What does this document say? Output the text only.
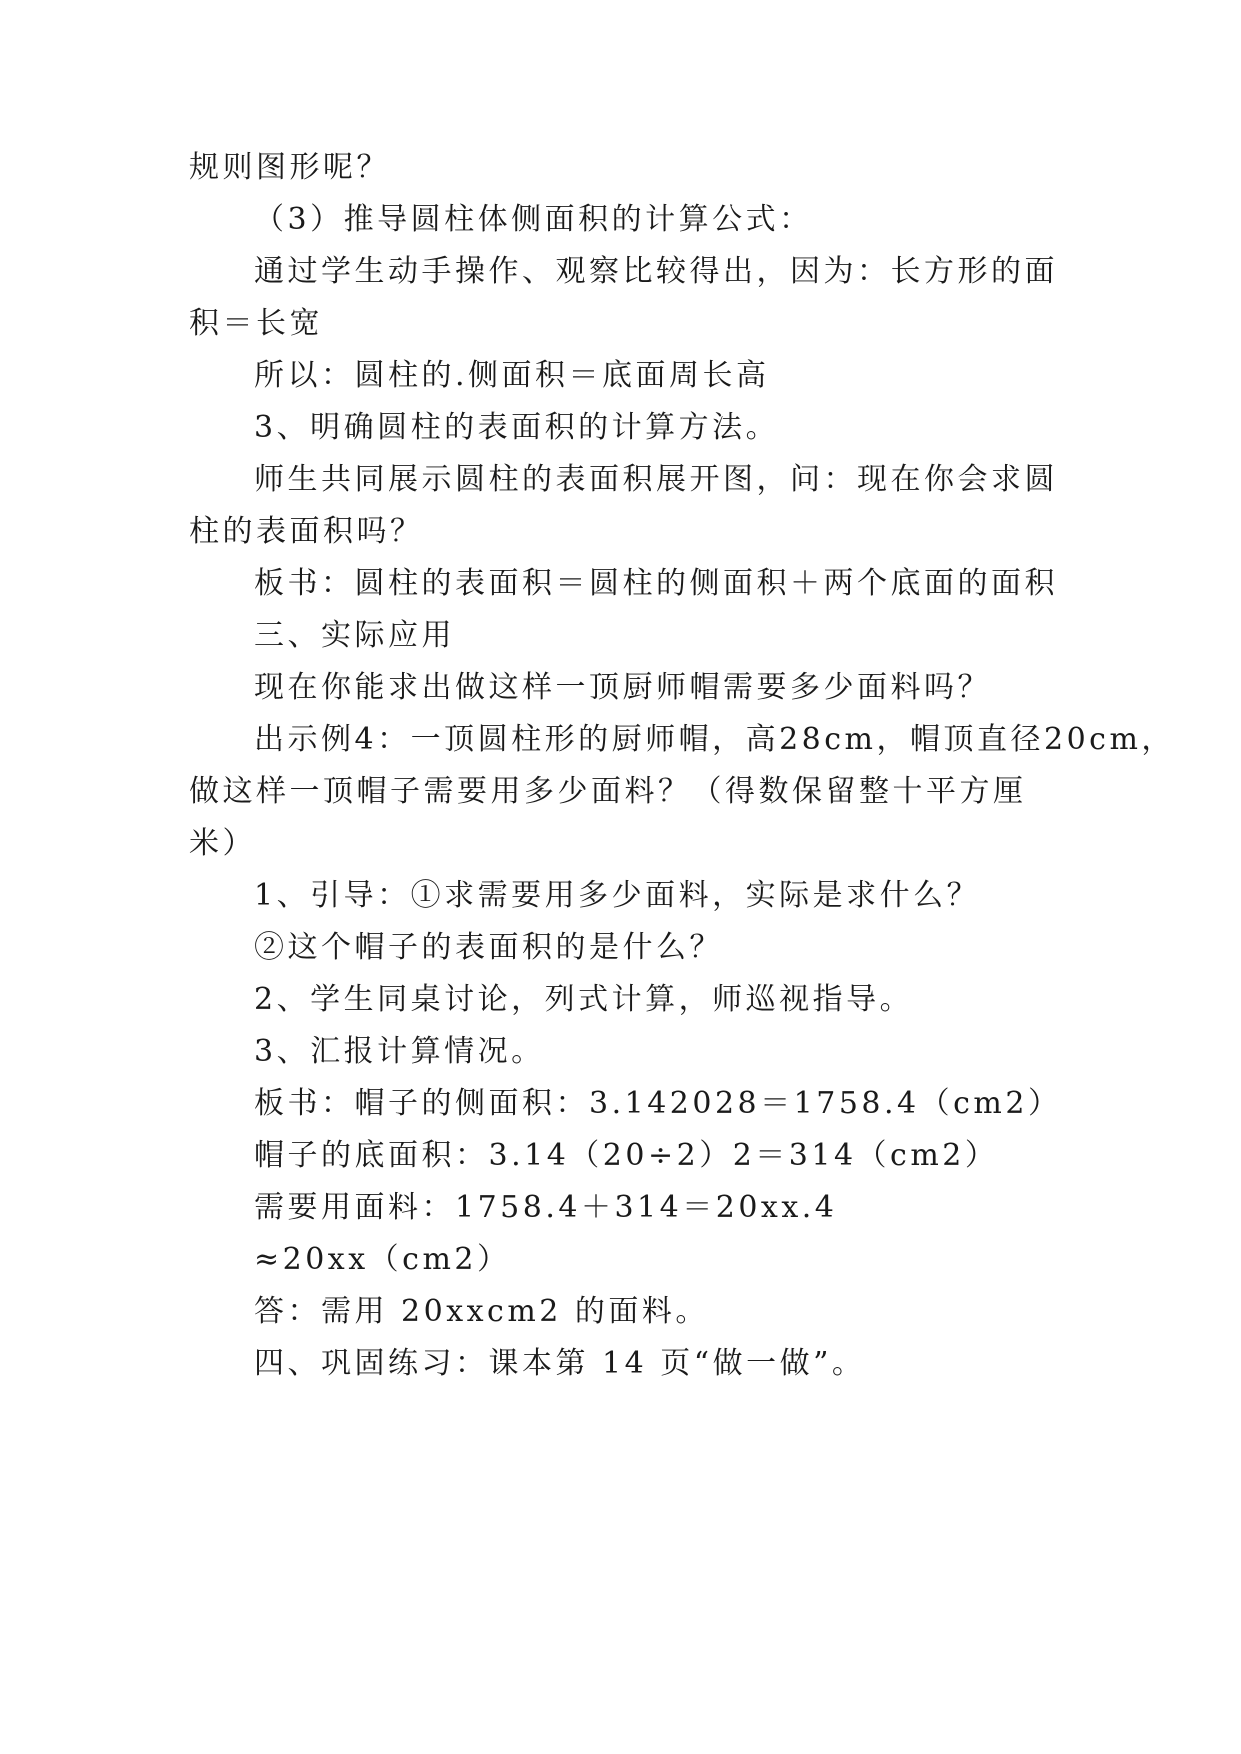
规则图形呢？
（3）推导圆柱体侧面积的计算公式：
通过学生动手操作、观察比较得出，因为：长方形的面
积＝长宽
所以：圆柱的.侧面积＝底面周长高
3、明确圆柱的表面积的计算方法。
师生共同展示圆柱的表面积展开图，问：现在你会求圆
柱的表面积吗？
板书：圆柱的表面积＝圆柱的侧面积＋两个底面的面积
三、实际应用
现在你能求出做这样一顶厨师帽需要多少面料吗？
出示例4：一顶圆柱形的厨师帽，高28cm，帽顶直径20cm，
做这样一顶帽子需要用多少面料？（得数保留整十平方厘
米）
1、引导：①求需要用多少面料，实际是求什么？
②这个帽子的表面积的是什么？
2、学生同桌讨论，列式计算，师巡视指导。
3、汇报计算情况。
板书：帽子的侧面积：3.142028＝1758.4（cm2）
帽子的底面积：3.14（20÷2）2＝314（cm2）
需要用面料：1758.4＋314＝20xx.4
≈20xx（cm2）
答：需用 20xxcm2 的面料。
四、巩固练习：课本第 14 页“做一做”。
